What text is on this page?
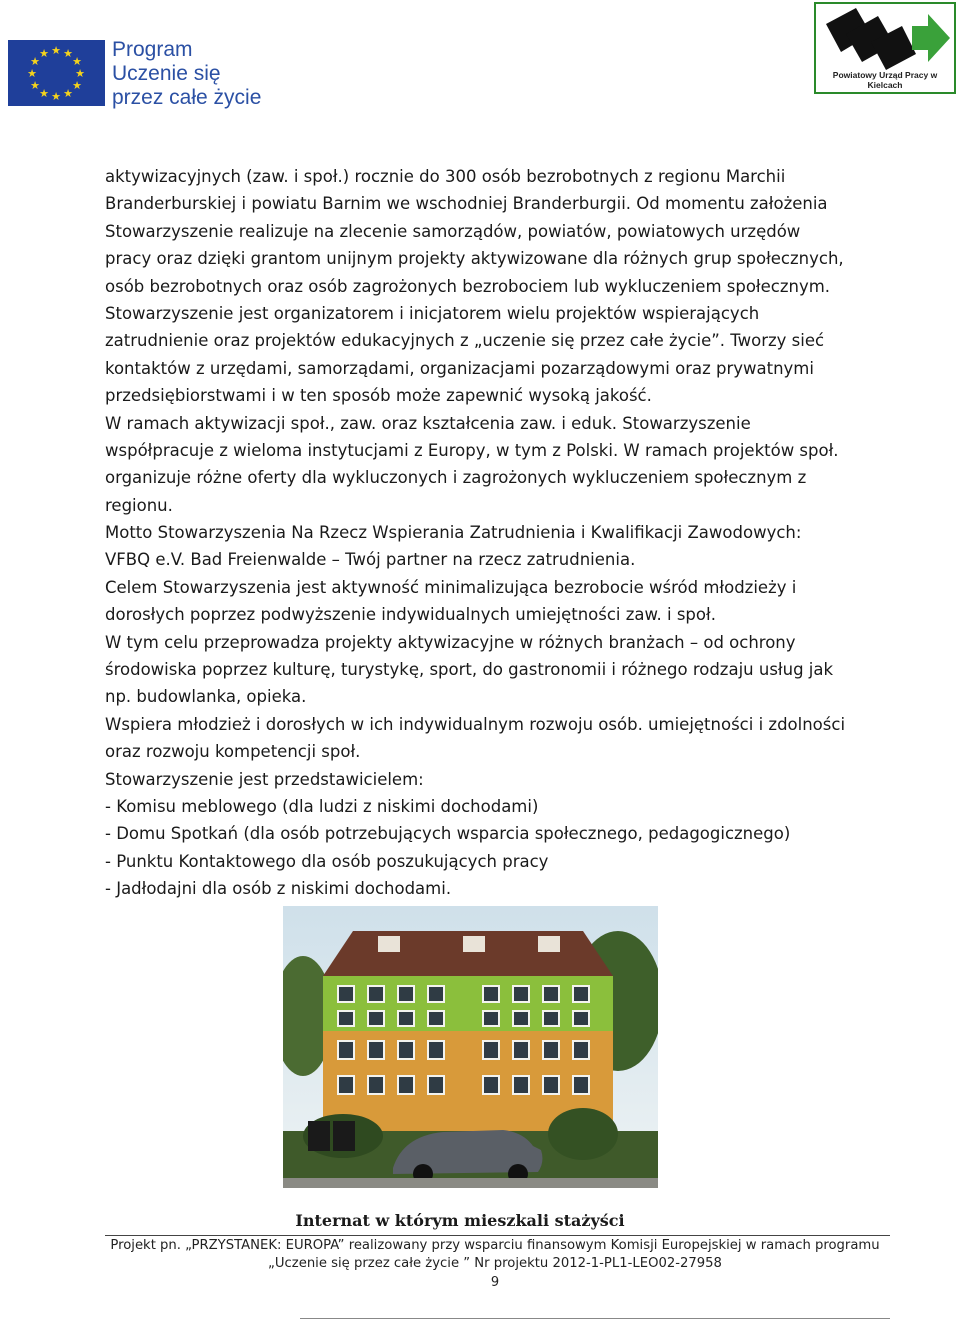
★ ★
★
★
★
★
★
★
★
★
★
★	Program
Uczenie się
przez całe życie
Powiatowy Urząd Pracy w Kielcach
aktywizacyjnych (zaw. i społ.) rocznie do 300 osób bezrobotnych z regionu Marchii
Branderburskiej i powiatu Barnim we wschodniej Branderburgii. Od momentu założenia
Stowarzyszenie realizuje na zlecenie samorządów, powiatów, powiatowych urzędów
pracy oraz dzięki grantom unijnym projekty aktywizowane dla różnych grup społecznych,
osób bezrobotnych oraz osób zagrożonych bezrobociem lub wykluczeniem społecznym.
Stowarzyszenie jest organizatorem i inicjatorem wielu projektów wspierających
zatrudnienie oraz projektów edukacyjnych z „uczenie się przez całe życie”. Tworzy sieć
kontaktów z urzędami, samorządami, organizacjami pozarządowymi oraz prywatnymi
przedsiębiorstwami i w ten sposób może zapewnić wysoką jakość.
W ramach aktywizacji społ., zaw. oraz kształcenia zaw. i eduk. Stowarzyszenie
współpracuje z wieloma instytucjami z Europy, w tym z Polski. W ramach projektów społ.
organizuje różne oferty dla wykluczonych i zagrożonych wykluczeniem społecznym z
regionu.
Motto Stowarzyszenia Na Rzecz Wspierania Zatrudnienia i Kwalifikacji Zawodowych:
VFBQ e.V. Bad Freienwalde – Twój partner na rzecz zatrudnienia.
Celem Stowarzyszenia jest aktywność minimalizująca bezrobocie wśród młodzieży i
dorosłych poprzez podwyższenie indywidualnych umiejętności zaw. i społ.
W tym celu przeprowadza projekty aktywizacyjne w różnych branżach – od ochrony
środowiska poprzez kulturę, turystykę, sport, do gastronomii i różnego rodzaju usług jak
np. budowlanka, opieka.
Wspiera młodzież i dorosłych w ich indywidualnym rozwoju osób. umiejętności i zdolności
oraz rozwoju kompetencji społ.
Stowarzyszenie jest przedstawicielem:
- Komisu meblowego (dla ludzi z niskimi dochodami)
- Domu Spotkań (dla osób potrzebujących wsparcia społecznego, pedagogicznego)
- Punktu Kontaktowego dla osób poszukujących pracy
- Jadłodajni dla osób z niskimi dochodami.
Internat w którym mieszkali stażyści
Projekt pn. „PRZYSTANEK: EUROPA” realizowany przy wsparciu finansowym Komisji Europejskiej w ramach programu
„Uczenie się przez całe życie ” Nr projektu 2012-1-PL1-LEO02-27958
9
